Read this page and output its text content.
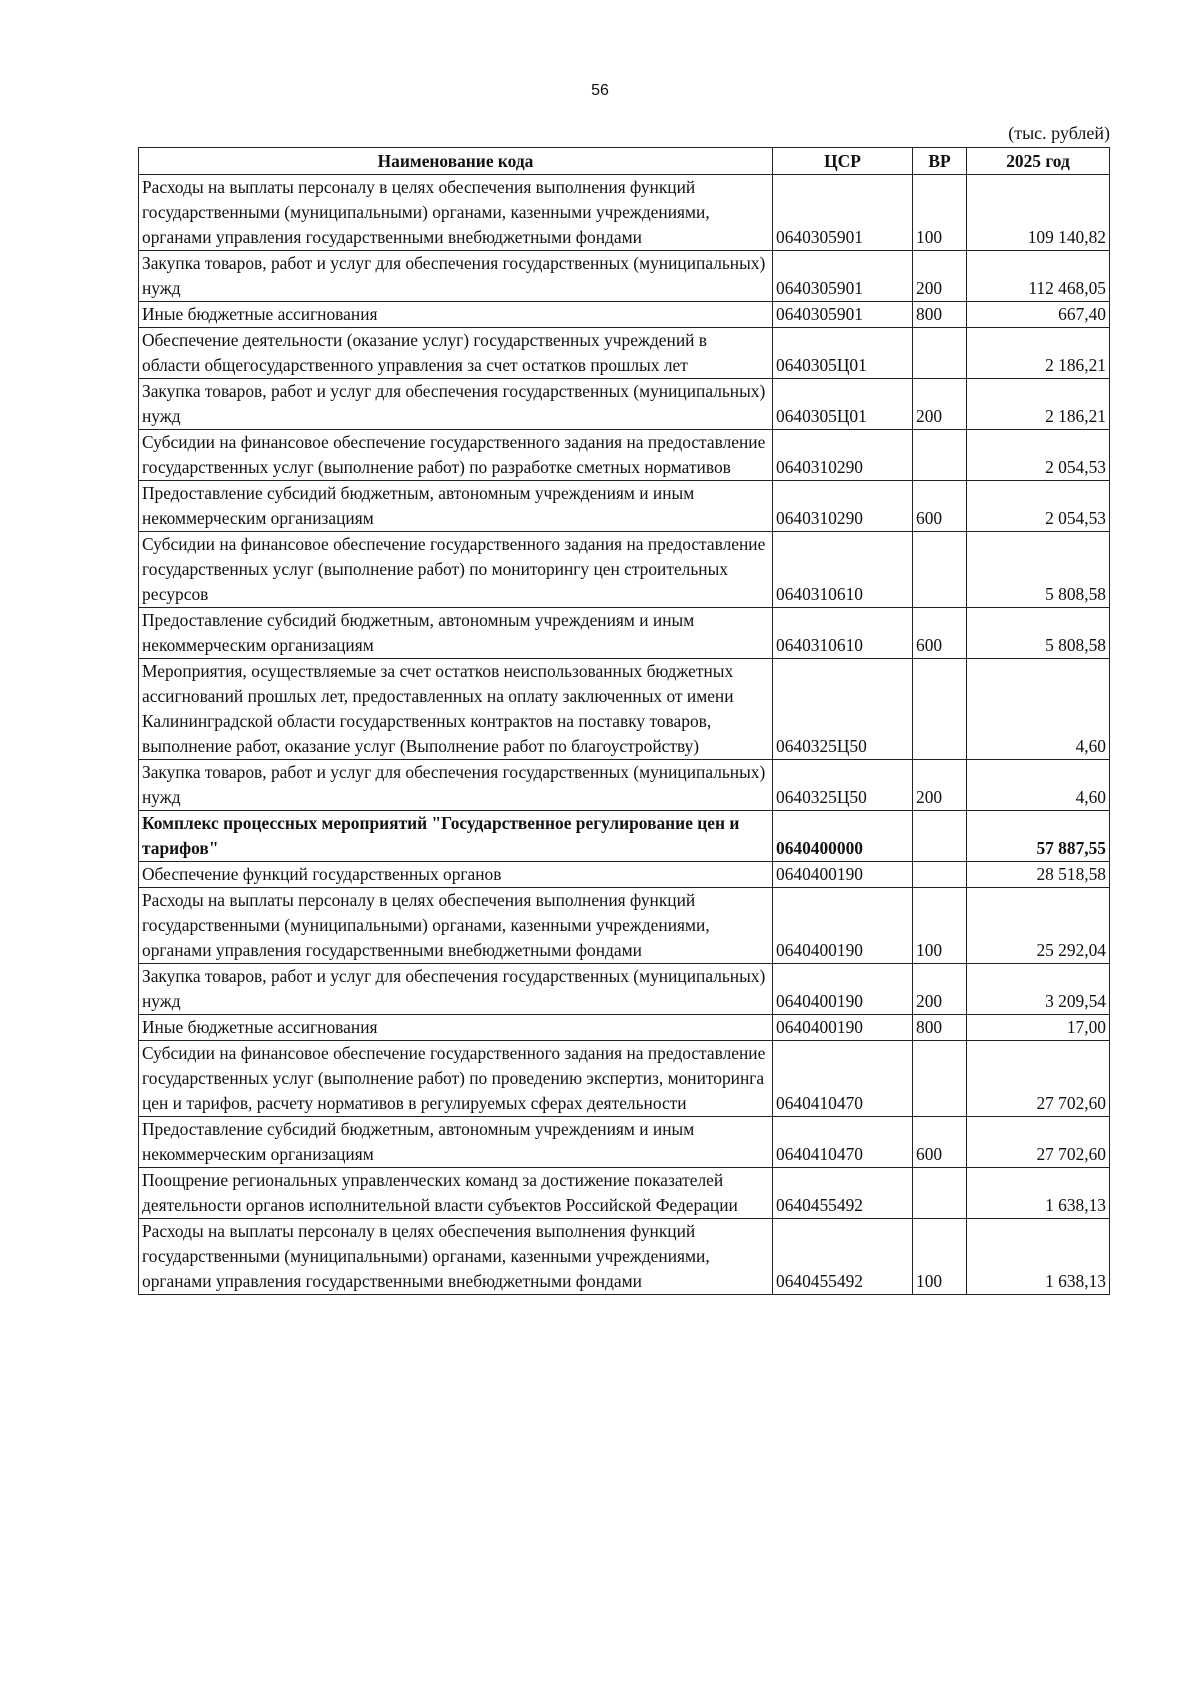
56
(тыс. рублей)
Наименование кода	ЦСР	ВР	2025 год
Расходы на выплаты персоналу в целях обеспечения выполнения функций государственными (муниципальными) органами, казенными учреждениями, органами управления государственными внебюджетными фондами	0640305901	100	109 140,82
Закупка товаров, работ и услуг для обеспечения государственных (муниципальных) нужд	0640305901	200	112 468,05
Иные бюджетные ассигнования	0640305901	800	667,40
Обеспечение деятельности (оказание услуг) государственных учреждений в области общегосударственного управления за счет остатков прошлых лет	0640305Ц01		2 186,21
Закупка товаров, работ и услуг для обеспечения государственных (муниципальных) нужд	0640305Ц01	200	2 186,21
Субсидии на финансовое обеспечение государственного задания на предоставление государственных услуг (выполнение работ) по разработке сметных нормативов	0640310290		2 054,53
Предоставление субсидий бюджетным, автономным учреждениям и иным некоммерческим организациям	0640310290	600	2 054,53
Субсидии на финансовое обеспечение государственного задания на предоставление государственных услуг (выполнение работ) по мониторингу цен строительных ресурсов	0640310610		5 808,58
Предоставление субсидий бюджетным, автономным учреждениям и иным некоммерческим организациям	0640310610	600	5 808,58
Мероприятия, осуществляемые за счет остатков неиспользованных бюджетных ассигнований прошлых лет, предоставленных на оплату заключенных от имени Калининградской области государственных контрактов на поставку товаров, выполнение работ, оказание услуг (Выполнение работ по благоустройству)	0640325Ц50		4,60
Закупка товаров, работ и услуг для обеспечения государственных (муниципальных) нужд	0640325Ц50	200	4,60
Комплекс процессных мероприятий "Государственное регулирование цен и тарифов"	0640400000		57 887,55
Обеспечение функций государственных органов	0640400190		28 518,58
Расходы на выплаты персоналу в целях обеспечения выполнения функций государственными (муниципальными) органами, казенными учреждениями, органами управления государственными внебюджетными фондами	0640400190	100	25 292,04
Закупка товаров, работ и услуг для обеспечения государственных (муниципальных) нужд	0640400190	200	3 209,54
Иные бюджетные ассигнования	0640400190	800	17,00
Субсидии на финансовое обеспечение государственного задания на предоставление государственных услуг (выполнение работ) по проведению экспертиз, мониторинга цен и тарифов, расчету нормативов в регулируемых сферах деятельности	0640410470		27 702,60
Предоставление субсидий бюджетным, автономным учреждениям и иным некоммерческим организациям	0640410470	600	27 702,60
Поощрение региональных управленческих команд за достижение показателей деятельности органов исполнительной власти субъектов Российской Федерации	0640455492		1 638,13
Расходы на выплаты персоналу в целях обеспечения выполнения функций государственными (муниципальными) органами, казенными учреждениями, органами управления государственными внебюджетными фондами	0640455492	100	1 638,13
